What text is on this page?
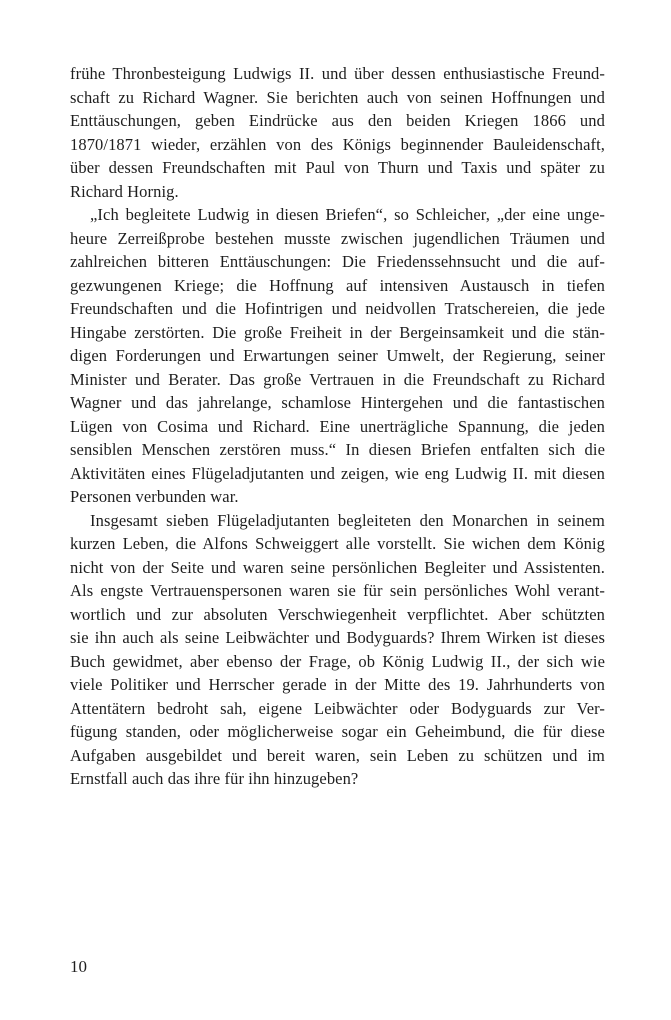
frühe Thronbesteigung Ludwigs II. und über dessen enthusiastische Freund-
schaft zu Richard Wagner. Sie berichten auch von seinen Hoffnungen und
Enttäuschungen, geben Eindrücke aus den beiden Kriegen 1866 und
1870/1871 wieder, erzählen von des Königs beginnender Bauleidenschaft,
über dessen Freundschaften mit Paul von Thurn und Taxis und später zu
Richard Hornig.
„Ich begleitete Ludwig in diesen Briefen“, so Schleicher, „der eine unge-
heure Zerreißprobe bestehen musste zwischen jugendlichen Träumen und
zahlreichen bitteren Enttäuschungen: Die Friedenssehnsucht und die auf-
gezwungenen Kriege; die Hoffnung auf intensiven Austausch in tiefen
Freundschaften und die Hofintrigen und neidvollen Tratschereien, die jede
Hingabe zerstörten. Die große Freiheit in der Bergeinsamkeit und die stän-
digen Forderungen und Erwartungen seiner Umwelt, der Regierung, seiner
Minister und Berater. Das große Vertrauen in die Freundschaft zu Richard
Wagner und das jahrelange, schamlose Hintergehen und die fantastischen
Lügen von Cosima und Richard. Eine unerträgliche Spannung, die jeden
sensiblen Menschen zerstören muss.“ In diesen Briefen entfalten sich die
Aktivitäten eines Flügeladjutanten und zeigen, wie eng Ludwig II. mit diesen
Personen verbunden war.
Insgesamt sieben Flügeladjutanten begleiteten den Monarchen in seinem
kurzen Leben, die Alfons Schweiggert alle vorstellt. Sie wichen dem König
nicht von der Seite und waren seine persönlichen Begleiter und Assistenten.
Als engste Vertrauenspersonen waren sie für sein persönliches Wohl verant-
wortlich und zur absoluten Verschwiegenheit verpflichtet. Aber schützten
sie ihn auch als seine Leibwächter und Bodyguards? Ihrem Wirken ist dieses
Buch gewidmet, aber ebenso der Frage, ob König Ludwig II., der sich wie
viele Politiker und Herrscher gerade in der Mitte des 19. Jahrhunderts von
Attentätern bedroht sah, eigene Leibwächter oder Bodyguards zur Ver-
fügung standen, oder möglicherweise sogar ein Geheimbund, die für diese
Aufgaben ausgebildet und bereit waren, sein Leben zu schützen und im
Ernstfall auch das ihre für ihn hinzugeben?
10
